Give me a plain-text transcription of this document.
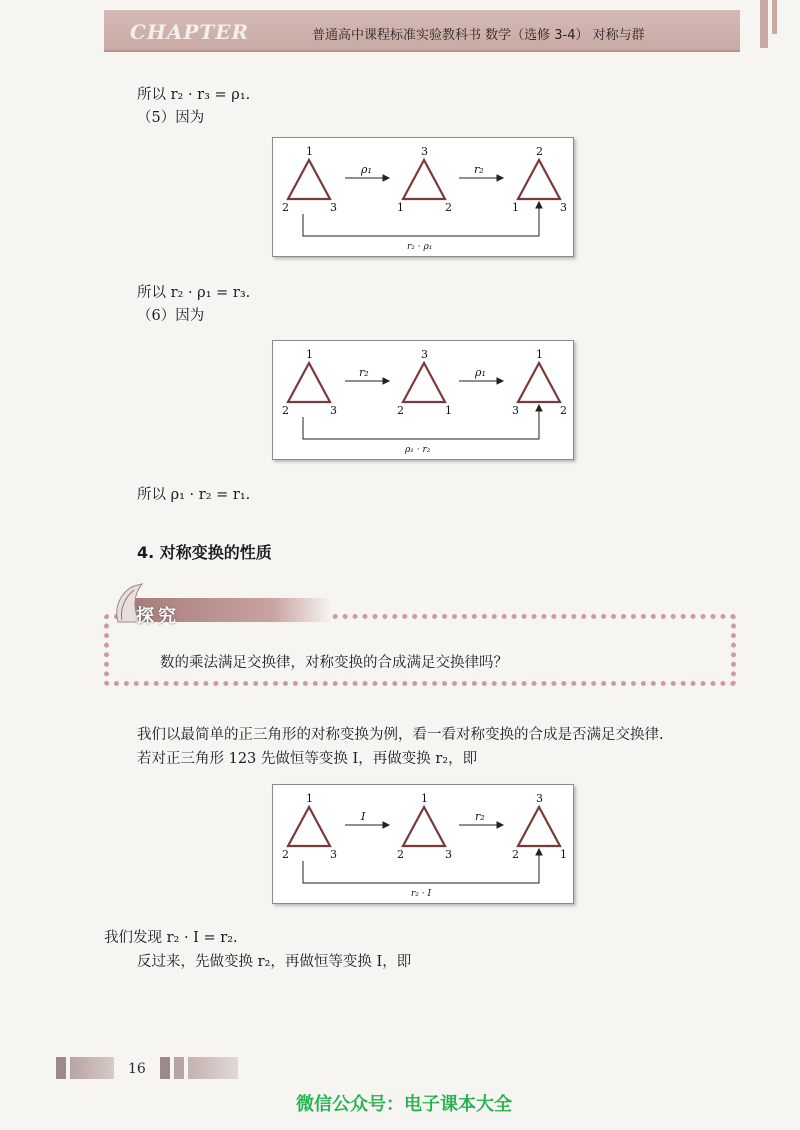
CHAPTER	普通高中课程标准实验教科书 数学（选修 3-4） 对称与群
所以 r₂ · r₃ = ρ₁.
（5）因为
1
2	3
3
1	2
2
1	3
ρ₁	r₂
r₂ · ρ₁
所以 r₂ · ρ₁ = r₃.
（6）因为
1
2	3
3
2	1
1
3	2
r₂	ρ₁
ρ₁ · r₂
所以 ρ₁ · r₂ = r₁.
4. 对称变换的性质
探究
数的乘法满足交换律，对称变换的合成满足交换律吗？
我们以最简单的正三角形的对称变换为例，看一看对称变换的合成是否满足交换律.
若对正三角形 123 先做恒等变换 I，再做变换 r₂，即
1
2	3
1
2	3
3
2	1
I	r₂
r₂ · I
我们发现 r₂ · I = r₂.
反过来，先做变换 r₂，再做恒等变换 I，即
16
微信公众号：电子课本大全
